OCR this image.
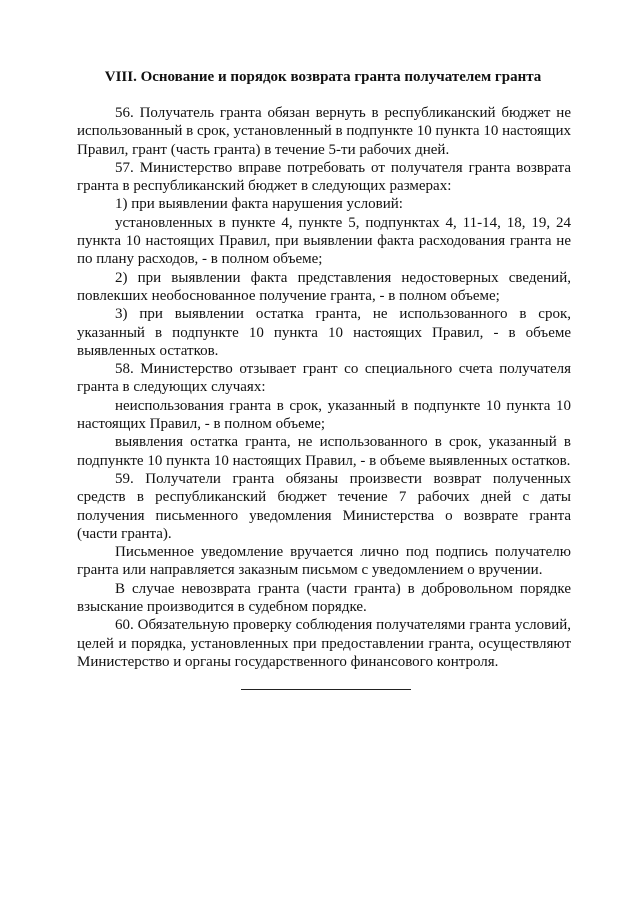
VIII. Основание и порядок возврата гранта получателем гранта

56. Получатель гранта обязан вернуть в республиканский бюджет не использованный в срок, установленный в подпункте 10 пункта 10 настоящих Правил, грант (часть гранта) в течение 5-ти рабочих дней.

57. Министерство вправе потребовать от получателя гранта возврата гранта в республиканский бюджет в следующих размерах:

1) при выявлении факта нарушения условий:

установленных в пункте 4, пункте 5, подпунктах 4, 11-14, 18, 19, 24 пункта 10 настоящих Правил, при выявлении факта расходования гранта не по плану расходов, - в полном объеме;

2) при выявлении факта представления недостоверных сведений, повлекших необоснованное получение гранта, - в полном объеме;

3) при выявлении остатка гранта, не использованного в срок, указанный в подпункте 10 пункта 10 настоящих Правил, - в объеме выявленных остатков.

58. Министерство отзывает грант со специального счета получателя гранта в следующих случаях:

неиспользования гранта в срок, указанный в подпункте 10 пункта 10 настоящих Правил, - в полном объеме;

выявления остатка гранта, не использованного в срок, указанный в подпункте 10 пункта 10 настоящих Правил, - в объеме выявленных остатков.

59. Получатели гранта обязаны произвести возврат полученных средств в республиканский бюджет течение 7 рабочих дней с даты получения письменного уведомления Министерства о возврате гранта (части гранта).

Письменное уведомление вручается лично под подпись получателю гранта или направляется заказным письмом с уведомлением о вручении.

В случае невозврата гранта (части гранта) в добровольном порядке взыскание производится в судебном порядке.

60. Обязательную проверку соблюдения получателями гранта условий, целей и порядка, установленных при предоставлении гранта, осуществляют Министерство и органы государственного финансового контроля.
